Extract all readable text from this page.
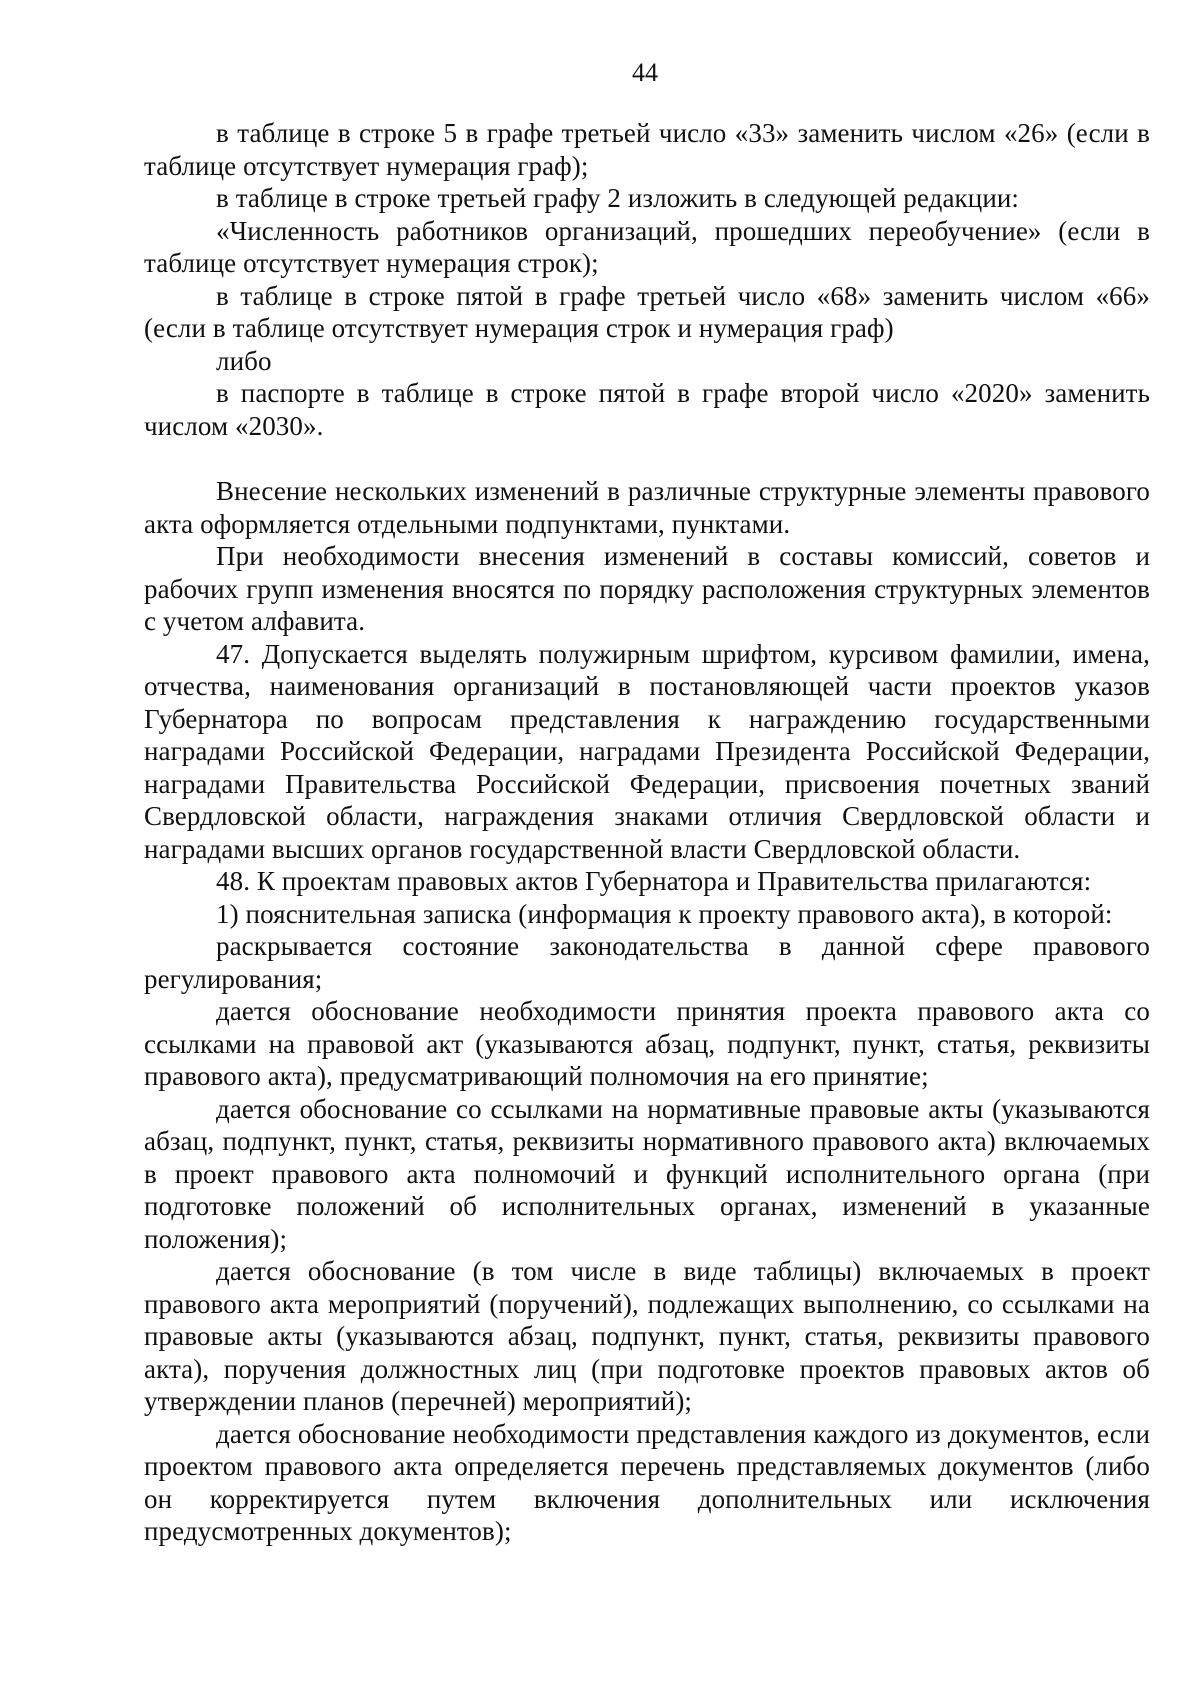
44

в таблице в строке 5 в графе третьей число «33» заменить числом «26» (если в таблице отсутствует нумерация граф);

в таблице в строке третьей графу 2 изложить в следующей редакции:

«Численность работников организаций, прошедших переобучение» (если в таблице отсутствует нумерация строк);

в таблице в строке пятой в графе третьей число «68» заменить числом «66» (если в таблице отсутствует нумерация строк и нумерация граф)

либо

в паспорте в таблице в строке пятой в графе второй число «2020» заменить числом «2030».

Внесение нескольких изменений в различные структурные элементы правового акта оформляется отдельными подпунктами, пунктами.

При необходимости внесения изменений в составы комиссий, советов и рабочих групп изменения вносятся по порядку расположения структурных элементов с учетом алфавита.

47. Допускается выделять полужирным шрифтом, курсивом фамилии, имена, отчества, наименования организаций в постановляющей части проектов указов Губернатора по вопросам представления к награждению государственными наградами Российской Федерации, наградами Президента Российской Федерации, наградами Правительства Российской Федерации, присвоения почетных званий Свердловской области, награждения знаками отличия Свердловской области и наградами высших органов государственной власти Свердловской области.

48. К проектам правовых актов Губернатора и Правительства прилагаются:

1) пояснительная записка (информация к проекту правового акта), в которой:

раскрывается состояние законодательства в данной сфере правового регулирования;

дается обоснование необходимости принятия проекта правового акта со ссылками на правовой акт (указываются абзац, подпункт, пункт, статья, реквизиты правового акта), предусматривающий полномочия на его принятие;

дается обоснование со ссылками на нормативные правовые акты (указываются абзац, подпункт, пункт, статья, реквизиты нормативного правового акта) включаемых в проект правового акта полномочий и функций исполнительного органа (при подготовке положений об исполнительных органах, изменений в указанные положения);

дается обоснование (в том числе в виде таблицы) включаемых в проект правового акта мероприятий (поручений), подлежащих выполнению, со ссылками на правовые акты (указываются абзац, подпункт, пункт, статья, реквизиты правового акта), поручения должностных лиц (при подготовке проектов правовых актов об утверждении планов (перечней) мероприятий);

дается обоснование необходимости представления каждого из документов, если проектом правового акта определяется перечень представляемых документов (либо он корректируется путем включения дополнительных или исключения предусмотренных документов);
